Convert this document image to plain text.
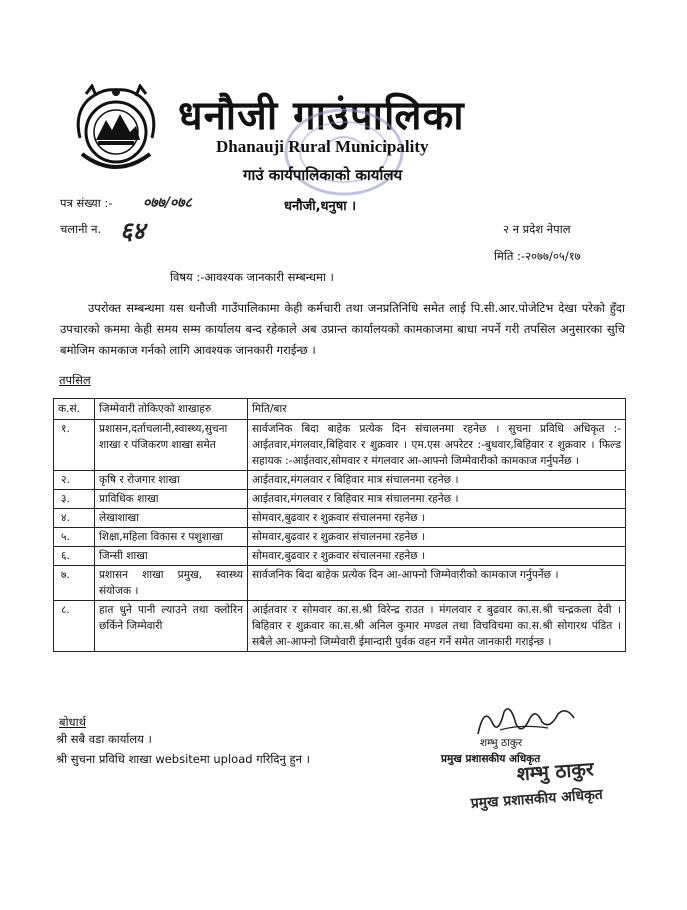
धनौजी गाउंपालिका
Dhanauji Rural Municipality
गाउं कार्यपालिकाको कार्यालय
धनौजी,धनुषा ।
पत्र संख्या :- ०७७/०७८
चलानी न. ६४	२ न प्रदेश नेपाल
मिति :-२०७७/०५/१७
विषय :-आवश्यक जानकारी सम्बन्धमा ।
उपरोक्त सम्बन्धमा यस धनौजी गाउँपालिकामा केही कर्मचारी तथा जनप्रतिनिधि समेत लाई पि.सी.आर.पोजेटिभ देखा परेको हुँदा उपचारको कममा केही समय सम्म कार्यालय बन्द रहेकाले अब उप्रान्त कार्यालयको कामकाजमा बाधा नपर्ने गरी तपसिल अनुसारका सुचि बमोजिम कामकाज गर्नको लागि आवश्यक जानकारी गराईन्छ ।
तपसिल
क.सं.	जिम्मेवारी तोकिएको शाखाहरु	मिति/बार
१.	प्रशासन,दर्ताचलानी,स्वास्थ्य,सुचना शाखा र पंजिकरण शाखा समेत	सार्वजनिक बिदा बाहेक प्रत्येक दिन संचालनमा रहनेछ । सुचना प्रविधि अधिकृत :- आईतवार,मंगलवार,बिहिवार र शुक्रवार । एम.एस अपरेटर :-बुधवार,बिहिवार र शुक्रवार । फिल्ड सहायक :-आईतवार,सोमवार र मंगलवार आ-आफ्नो जिम्मेवारीको कामकाज गर्नुपर्नेछ ।
२.	कृषि र रोजगार शाखा	आईतवार,मंगलवार र बिहिवार मात्र संचालनमा रहनेछ ।
३.	प्राविधिक शाखा	आईतवार,मंगलवार र बिहिवार मात्र संचालनमा रहनेछ ।
४.	लेखाशाखा	सोमवार,बुढवार र शुक्रवार संचालनमा रहनेछ ।
५.	शिक्षा,महिला विकास र पशुशाखा	सोमवार,बुढवार र शुक्रवार संचालनमा रहनेछ ।
६.	जिन्सी शाखा	सोमवार,बुढवार र शुक्रवार संचालनमा रहनेछ ।
७.	प्रशासन शाखा प्रमुख, स्वास्थ्य संयोजक ।	सार्वजनिक बिदा बाहेक प्रत्येक दिन आ-आफ्नो जिम्मेवारीको कामकाज गर्नुपर्नेछ ।
८.	हात धुने पानी ल्याउने तथा क्लोरिन छर्किने जिम्मेवारी	आईतवार र सोमवार का.स.श्री विरेन्द्र राउत । मंगलवार र बुढवार का.स.श्री चन्द्रकला देवी । बिहिवार र शुक्रवार का.स.श्री अनिल कुमार मण्डल तथा विचविचमा का.स.श्री सोगारथ पंडित ।सबैले आ-आफ्नो जिम्मेवारी ईमान्दारी पुर्वक वहन गर्ने समेत जानकारी गराईन्छ ।
बोधार्थ
श्री सबै वडा कार्यालय ।
श्री सुचना प्रविधि शाखा websiteमा upload गरिदिनु हुन ।
शम्भु ठाकुर
प्रमुख प्रशासकीय अधिकृत
शम्भु ठाकुर
प्रमुख प्रशासकीय अधिकृत
